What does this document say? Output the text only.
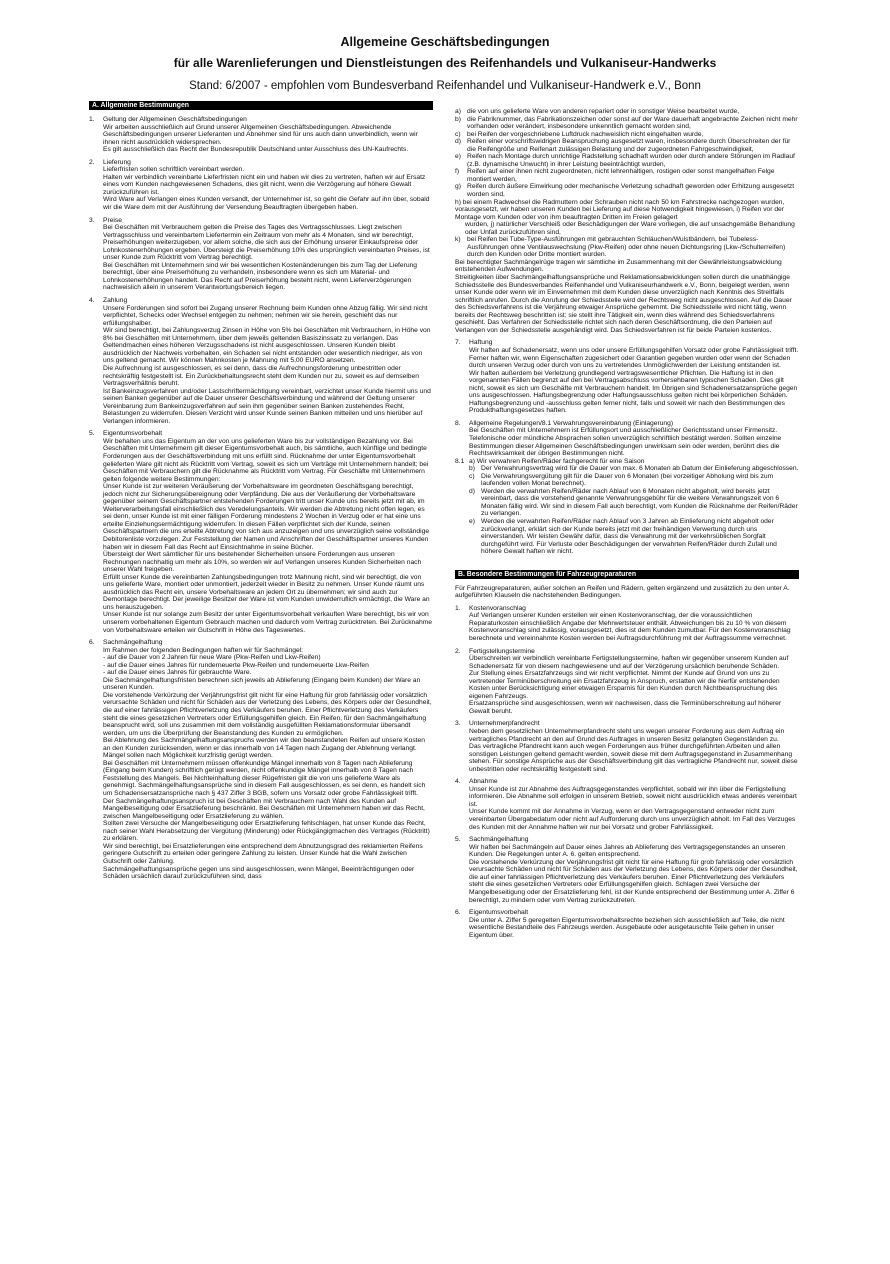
Allgemeine Geschäftsbedingungen
für alle Warenlieferungen und Dienstleistungen des Reifenhandels und Vulkaniseur-Handwerks
Stand: 6/2007 - empfohlen vom Bundesverband Reifenhandel und Vulkaniseur-Handwerk e.V., Bonn
A. Allgemeine Bestimmungen
1.	Geltung der Allgemeinen Geschäftsbedingungen

Wir arbeiten ausschließlich auf Grund unserer Allgemeinen Geschäftsbedingungen. Abweichende Geschäftsbedingungen unserer Lieferanten und Abnehmer sind für uns auch dann unverbindlich, wenn wir ihnen nicht ausdrücklich widersprechen.

Es gilt ausschließlich das Recht der Bundesrepublik Deutschland unter Ausschluss des UN-Kaufrechts.

2.	Lieferung

Lieferfristen sollen schriftlich vereinbart werden.

Halten wir verbindlich vereinbarte Lieferfristen nicht ein und haben wir dies zu vertreten, haften wir auf Ersatz eines vom Kunden nachgewiesenen Schadens, dies gilt nicht, wenn die Verzögerung auf höhere Gewalt zurückzuführen ist.

Wird Ware auf Verlangen eines Kunden versandt, der Unternehmer ist, so geht die Gefahr auf ihn über, sobald wir die Ware dem mit der Ausführung der Versendung Beauftragten übergeben haben.

3.	Preise

Bei Geschäften mit Verbrauchern gelten die Preise des Tages des Vertragsschlusses. Liegt zwischen Vertragsschluss und vereinbartem Liefertermin ein Zeitraum von mehr als 4 Monaten, sind wir berechtigt, Preiserhöhungen weiterzugeben, vor allem solche, die sich aus der Erhöhung unserer Einkaufspreise oder Lohnkostenerhöhungen ergeben. Übersteigt die Preiserhöhung 10% des ursprünglich vereinbarten Preises, ist unser Kunde zum Rücktritt vom Vertrag berechtigt.

Bei Geschäften mit Unternehmern sind wir bei wesentlichen Kostenänderungen bis zum Tag der Lieferung berechtigt, über eine Preiserhöhung zu verhandeln, insbesondere wenn es sich um Material- und Lohnkostenerhöhungen handelt. Das Recht auf Preiserhöhung besteht nicht, wenn Lieferverzögerungen nachweislich allein in unserem Verantwortungsbereich liegen.

4.	Zahlung

Unsere Forderungen sind sofort bei Zugang unserer Rechnung beim Kunden ohne Abzug fällig. Wir sind nicht verpflichtet, Schecks oder Wechsel entgegen zu nehmen; nehmen wir sie herein, geschieht das nur erfüllungshalber.

Wir sind berechtigt, bei Zahlungsverzug Zinsen in Höhe von 5% bei Geschäften mit Verbrauchern, in Höhe von 8% bei Geschäften mit Unternehmern, über dem jeweils geltenden Basiszinssatz zu verlangen. Das Geltendmachen eines höheren Verzugsschadens ist nicht ausgeschlossen. Unseren Kunden bleibt ausdrücklich der Nachweis vorbehalten, ein Schaden sei nicht entstanden oder wesentlich niedriger, als von uns geltend gemacht. Wir können Mahnkosten je Mahnung mit 5,00 EURO ansetzen.

Die Aufrechnung ist ausgeschlossen, es sei denn, dass die Aufrechnungsforderung unbestritten oder rechtskräftig festgestellt ist. Ein Zurückbehaltungsrecht steht dem Kunden nur zu, soweit es auf demselben Vertragsverhältnis beruht.

Ist Bankeinzugsverfahren und/oder Lastschriftermächtigung vereinbart, verzichtet unser Kunde hiermit uns und seinen Banken gegenüber auf die Dauer unserer Geschäftsverbindung und während der Geltung unserer Vereinbarung zum Bankeinzugsverfahren auf sein ihm gegenüber seinen Banken zustehendes Recht, Belastungen zu widerrufen. Diesen Verzicht wird unser Kunde seinen Banken mitteilen und uns hierüber auf Verlangen informieren.

5.	Eigentumsvorbehalt

Wir behalten uns das Eigentum an der von uns gelieferten Ware bis zur vollständigen Bezahlung vor. Bei Geschäften mit Unternehmern gilt dieser Eigentumsvorbehalt auch, bis sämtliche, auch künftige und bedingte Forderungen aus der Geschäftsverbindung mit uns erfüllt sind. Rücknahme der unter Eigentumsvorbehalt gelieferten Ware gilt nicht als Rücktritt vom Vertrag, soweit es sich um Verträge mit Unternehmern handelt; bei Geschäften mit Verbrauchern gilt die Rücknahme als Rücktritt vom Vertrag. Für Geschäfte mit Unternehmern gelten folgende weitere Bestimmungen:

Unser Kunde ist zur weiteren Veräußerung der Vorbehaltsware im geordneten Geschäftsgang berechtigt, jedoch nicht zur Sicherungsübereignung oder Verpfändung. Die aus der Veräußerung der Vorbehaltsware gegenüber seinem Geschäftspartner entstehenden Forderungen tritt unser Kunde uns bereits jetzt mit ab, im Weiterverarbeitungsfall einschließlich des Veredelungsanteils. Wir werden die Abtretung nicht offen legen, es sei denn, unser Kunde ist mit einer fälligen Forderung mindestens 2 Wochen in Verzug oder er hat eine uns erteilte Einziehungsermächtigung widerrufen. In diesen Fällen verpflichtet sich der Kunde, seinen Geschäftspartnern die uns erteilte Abtretung von sich aus anzuzeigen und uns unverzüglich seine vollständige Debitorenliste vorzulegen. Zur Feststellung der Namen und Anschriften der Geschäftspartner unseres Kunden haben wir in diesem Fall das Recht auf Einsichtnahme in seine Bücher.

Übersteigt der Wert sämtlicher für uns bestehender Sicherheiten unsere Forderungen aus unseren Rechnungen nachhaltig um mehr als 10%, so werden wir auf Verlangen unseres Kunden Sicherheiten nach unserer Wahl freigeben.

Erfüllt unser Kunde die vereinbarten Zahlungsbedingungen trotz Mahnung nicht, sind wir berechtigt, die von uns gelieferte Ware, montiert oder unmontiert, jederzeit wieder in Besitz zu nehmen. Unser Kunde räumt uns ausdrücklich das Recht ein, unsere Vorbehaltsware an jedem Ort zu übernehmen; wir sind auch zur Demontage berechtigt. Der jeweilige Besitzer der Ware ist vom Kunden unwiderruflich ermächtigt, die Ware an uns herauszugeben.

Unser Kunde ist nur solange zum Besitz der unter Eigentumsvorbehalt verkauften Ware berechtigt, bis wir von unserem vorbehaltenen Eigentum Gebrauch machen und dadurch vom Vertrag zurücktreten. Bei Zurücknahme von Vorbehaltsware erteilen wir Gutschrift in Höhe des Tageswertes.

6.	Sachmängelhaftung

Im Rahmen der folgenden Bedingungen haften wir für Sachmängel:

- auf die Dauer von 2 Jahren für neue Ware (Pkw-Reifen und Lkw-Reifen)

- auf die Dauer eines Jahres für runderneuerte Pkw-Reifen und runderneuerte Lkw-Reifen

- auf die Dauer eines Jahres für gebrauchte Ware.

Die Sachmängelhaftungsfristen berechnen sich jeweils ab Ablieferung (Eingang beim Kunden) der Ware an unseren Kunden.

Die vorstehende Verkürzung der Verjährungsfrist gilt nicht für eine Haftung für grob fahrlässig oder vorsätzlich verursachte Schäden und nicht für Schäden aus der Verletzung des Lebens, des Körpers oder der Gesundheit, die auf einer fahrlässigen Pflichtverletzung des Verkäufers beruhen. Einer Pflichtverletzung des Verkäufers steht die eines gesetzlichen Vertreters oder Erfüllungsgehilfen gleich. Ein Reifen, für den Sachmängelhaftung beansprucht wird, soll uns zusammen mit dem vollständig ausgefüllten Reklamationsformular übersandt werden, um uns die Überprüfung der Beanstandung des Kunden zu ermöglichen.

Bei Ablehnung des Sachmängelhaftungsanspruchs werden wir den beanstandeten Reifen auf unsere Kosten an den Kunden zurücksenden, wenn er das innerhalb von 14 Tagen nach Zugang der Ablehnung verlangt.

Mängel sollen nach Möglichkeit kurzfristig gerügt werden.

Bei Geschäften mit Unternehmern müssen offenkundige Mängel innerhalb von 8 Tagen nach Ablieferung (Eingang beim Kunden) schriftlich gerügt werden, nicht offenkundige Mängel innerhalb von 8 Tagen nach Feststellung des Mangels. Bei Nichteinhaltung dieser Rügefristen gilt die von uns gelieferte Ware als genehmigt. Sachmängelhaftungsansprüche sind in diesem Fall ausgeschlossen, es sei denn, es handelt sich um Schadensersatzansprüche nach § 437 Ziffer 3 BGB, sofern uns Vorsatz oder grobe Fahrlässigkeit trifft.

Der Sachmängelhaftungsanspruch ist bei Geschäften mit Verbrauchern nach Wahl des Kunden auf Mangelbeseitigung oder Ersatzlieferung beschränkt. Bei Geschäften mit Unternehmern haben wir das Recht, zwischen Mangelbeseitigung oder Ersatzlieferung zu wählen.

Sollten zwei Versuche der Mangelbeseitigung oder Ersatzlieferung fehlschlagen, hat unser Kunde das Recht, nach seiner Wahl Herabsetzung der Vergütung (Minderung) oder Rückgängigmachen des Vertrages (Rücktritt) zu erklären.

Wir sind berechtigt, bei Ersatzlieferungen eine entsprechend dem Abnutzungsgrad des reklamierten Reifens geringere Gutschrift zu erteilen oder geringere Zahlung zu leisten. Unser Kunde hat die Wahl zwischen Gutschrift oder Zahlung.

Sachmängelhaftungsansprüche gegen uns sind ausgeschlossen, wenn Mängel, Beeinträchtigungen oder Schäden ursächlich darauf zurückzuführen sind, dass

a) die von uns gelieferte Ware von anderen repariert oder in sonstiger Weise bearbeitet wurde,
b) die Fabriknummer, das Fabrikationszeichen oder sonst auf der Ware dauerhaft angebrachte Zeichen nicht mehr vorhanden oder verändert, insbesondere unkenntlich gemacht worden sind,
c) bei Reifen der vorgeschriebene Luftdruck nachweislich nicht eingehalten wurde,
d) Reifen einer vorschriftswidrigen Beanspruchung ausgesetzt waren, insbesondere durch Überschreiten der für die Reifengröße und Reifenart zulässigen Belastung und der zugeordneten Fahrgeschwindigkeit,
e) Reifen nach Montage durch unrichtige Radstellung schadhaft wurden oder durch andere Störungen im Radlauf (z.B. dynamische Unwucht) in ihrer Leistung beeinträchtigt wurden,
f)	Reifen auf einer ihnen nicht zugeordneten, nicht lehrenhaltigen, rostigen oder sonst mangelhaften Felge montiert werden,
g) Reifen durch äußere Einwirkung oder mechanische Verletzung schadhaft geworden oder Erhitzung ausgesetzt worden sind,

h) bei einem Radwechsel die Radmuttern oder Schrauben nicht nach 50 km Fahrstrecke nachgezogen wurden, vorausgesetzt, wir haben unseren Kunden bei Lieferung auf diese Notwendigkeit hingewiesen, i) Reifen vor der Montage vom Kunden oder von ihm beauftragten Dritten im Freien gelagert

wurden, j) natürlicher Verschleiß oder Beschädigungen der Ware vorliegen, die auf unsachgemäße Behandlung

oder Unfall zurückzuführen sind,

k) bei Reifen bei Tube-Type-Ausführungen mit gebrauchten Schläuchen/Wulstbändern, bei Tubeless-Ausführungen ohne Ventilauswechslung (Pkw-Reifen) oder ohne neuen Dichtungsring (Lkw-/Schulterreifen) durch den Kunden oder Dritte montiert wurden.

Bei berechtigter Sachmängelrüge tragen wir sämtliche im Zusammenhang mit der Gewährleistungsabwicklung entstehenden Aufwendungen.

Streitigkeiten über Sachmängelhaftungsansprüche und Reklamationsabwicklungen sollen durch die unabhängige Schiedsstelle des Bundesverbandes Reifenhandel und Vulkaniseurhandwerk e.V., Bonn, beigelegt werden, wenn unser Kunde oder wenn wir im Einvernehmen mit dem Kunden diese unverzüglich nach Kenntnis des Streitfalls schriftlich anrufen. Durch die Anrufung der Schiedsstelle wird der Rechtsweg nicht ausgeschlossen. Auf die Dauer des Schiedsverfahrens ist die Verjährung etwaiger Ansprüche gehemmt. Die Schiedsstelle wird nicht tätig, wenn bereits der Rechtsweg beschritten ist; sie stellt ihre Tätigkeit ein, wenn dies während des Schiedsverfahrens geschieht. Das Verfahren der Schiedsstelle richtet sich nach deren Geschäftsordnung, die den Parteien auf Verlangen von der Schiedsstelle ausgehändigt wird. Das Schiedsverfahren ist für beide Parteien kostenlos.

7.	Haftung

Wir haften auf Schadenersatz, wenn uns oder unsere Erfüllungsgehilfen Vorsatz oder grobe Fahrlässigkeit trifft. Ferner haften wir, wenn Eigenschaften zugesichert oder Garantien gegeben wurden oder wenn der Schaden durch unseren Verzug oder durch von uns zu vertretendes Unmöglichwerden der Leistung entstanden ist.

Wir haften außerdem bei Verletzung grundlegend vertragswesentlicher Pflichten. Die Haftung ist in den vorgenannten Fällen begrenzt auf den bei Vertragsabschluss vorhersehbaren typischen Schaden. Dies gilt nicht, soweit es sich um Geschäfte mit Verbrauchern handelt. Im Übrigen sind Schadenersatzansprüche gegen uns ausgeschlossen. Haftungsbegrenzung oder Haftungsausschluss gelten nicht bei körperlichen Schäden. Haftungsbegrenzung und -ausschluss gelten ferner nicht, falls und soweit wir nach den Bestimmungen des Produkthaftungsgesetzes haften.

8.	Allgemeine Regelungen/8.1 Verwahrungsvereinbarung (Einlagerung)

Bei Geschäften mit Unternehmern ist Erfüllungsort und ausschließlicher Gerichtsstand unser Firmensitz.

Telefonische oder mündliche Absprachen sollen unverzüglich schriftlich bestätigt werden. Sollten einzelne Bestimmungen dieser Allgemeinen Geschäftsbedingungen unwirksam sein oder werden, berührt dies die Rechtswirksamkeit der übrigen Bestimmungen nicht.

8.1 a) Wir verwahren Reifen/Räder fachgerecht für eine Saison
b) Der Verwahrungsvertrag wird für die Dauer von max. 6 Monaten ab Datum der Einlieferung abgeschlossen.
c) Die Verwahrungsvergütung gilt für die Dauer von 6 Monaten (bei vorzeitiger Abholung wird bis zum laufenden vollen Monat berechnet).
d) Werden die verwahrten Reifen/Räder nach Ablauf von 6 Monaten nicht abgeholt, wird bereits jetzt vereinbart, dass die vorstehend genannte Verwahrungsgebühr für die weitere Verwahrungszeit von 6 Monaten fällig wird. Wir sind in diesem Fall auch berechtigt, vom Kunden die Rücknahme der Reifen/Räder zu verlangen.
e) Werden die verwahrten Reifen/Räder nach Ablauf von 3 Jahren ab Einlieferung nicht abgeholt oder zurückverlangt, erklärt sich der Kunde bereits jetzt mit der freihändigen Verwertung durch uns einverstanden. Wir leisten Gewähr dafür, dass die Verwahrung mit der verkehrsüblichen Sorgfalt durchgeführt wird. Für Verluste oder Beschädigungen der verwahrten Reifen/Räder durch Zufall und höhere Gewalt haften wir nicht.
B. Besondere Bestimmungen für Fahrzeugreparaturen

Für Fahrzeugreparaturen, außer solchen an Reifen und Rädern, gelten ergänzend und zusätzlich zu den unter A. aufgeführten Klauseln die nachstehenden Bedingungen.

1.	Kostenvoranschlag

Auf Verlangen unserer Kunden erstellen wir einen Kostenvoranschlag, der die voraussichtlichen Reparaturkosten einschließlich Angabe der Mehrwertsteuer enthält. Abweichungen bis zu 10 % von diesem Kostenvoranschlag sind zulässig, vorausgesetzt, dies ist dem Kunden zumutbar. Für den Kostenvoranschlag berechnete und vereinnahmte Kosten werden bei Auftragsdurchführung mit der Auftragssumme verrechnet.

2.	Fertigstellungstermine

Überschreiten wir verbindlich vereinbarte Fertigstellungstermine, haften wir gegenüber unserem Kunden auf Schadenersatz für von diesem nachgewiesene und auf der Verzögerung ursächlich beruhende Schäden.

Zur Stellung eines Ersatzfahrzeugs sind wir nicht verpflichtet. Nimmt der Kunde auf Grund von uns zu vertretender Terminüberschreitung ein Ersatzfahrzeug in Anspruch, erstatten wir die hierfür entstehenden Kosten unter Berücksichtigung einer etwaigen Ersparnis für den Kunden durch Nichtbeanspruchung des eigenen Fahrzeugs.

Ersatzansprüche sind ausgeschlossen, wenn wir nachweisen, dass die Terminüberschreitung auf höherer Gewalt beruht.

3.	Unternehmerpfandrecht

Neben dem gesetzlichen Unternehmerpfandrecht steht uns wegen unserer Forderung aus dem Auftrag ein vertragliches Pfandrecht an den auf Grund des Auftrages in unseren Besitz gelangten Gegenständen zu.

Das vertragliche Pfandrecht kann auch wegen Forderungen aus früher durchgeführten Arbeiten und allen sonstigen Leistungen geltend gemacht werden, soweit diese mit dem Auftragsgegenstand in Zusammenhang stehen. Für sonstige Ansprüche aus der Geschäftsverbindung gilt das vertragliche Pfandrecht nur, soweit diese unbestritten oder rechtskräftig festgestellt sind.

4.	Abnahme

Unser Kunde ist zur Abnahme des Auftragsgegenstandes verpflichtet, sobald wir ihn über die Fertigstellung informieren. Die Abnahme soll erfolgen in unserem Betrieb, soweit nicht ausdrücklich etwas anderes vereinbart ist.

Unser Kunde kommt mit der Annahme in Verzug, wenn er den Vertragsgegenstand entweder nicht zum vereinbarten Übergabedatum oder nicht auf Aufforderung durch uns unverzüglich abholt. Im Fall des Verzuges des Kunden mit der Annahme haften wir nur bei Vorsatz und grober Fahrlässigkeit.

5.	Sachmängelhaftung

Wir haften bei Sachmängeln auf Dauer eines Jahres ab Ablieferung des Vertragsgegenstandes an unseren Kunden. Die Regelungen unter A. 6. gelten entsprechend.

Die vorstehende Verkürzung der Verjährungsfrist gilt nicht für eine Haftung für grob fahrlässig oder vorsätzlich verursachte Schäden und nicht für Schäden aus der Verletzung des Lebens, des Körpers oder der Gesundheit, die auf einer fahrlässigen Pflichtverletzung des Verkäufers beruhen. Einer Pflichtverletzung des Verkäufers steht die eines gesetzlichen Vertreters oder Erfüllungsgehilfen gleich. Schlagen zwei Versuche der Mangelbeseitigung oder der Ersatzlieferung fehl, ist der Kunde entsprechend der Bestimmung unter A. Ziffer 6 berechtigt, zu mindern oder vom Vertrag zurückzutreten.

6.	Eigentumsvorbehalt

Die unter A. Ziffer 5 geregelten Eigentumsvorbehaltsrechte beziehen sich ausschließlich auf Teile, die nicht wesentliche Bestandteile des Fahrzeugs werden. Ausgebaute oder ausgetauschte Teile gehen in unser Eigentum über.
